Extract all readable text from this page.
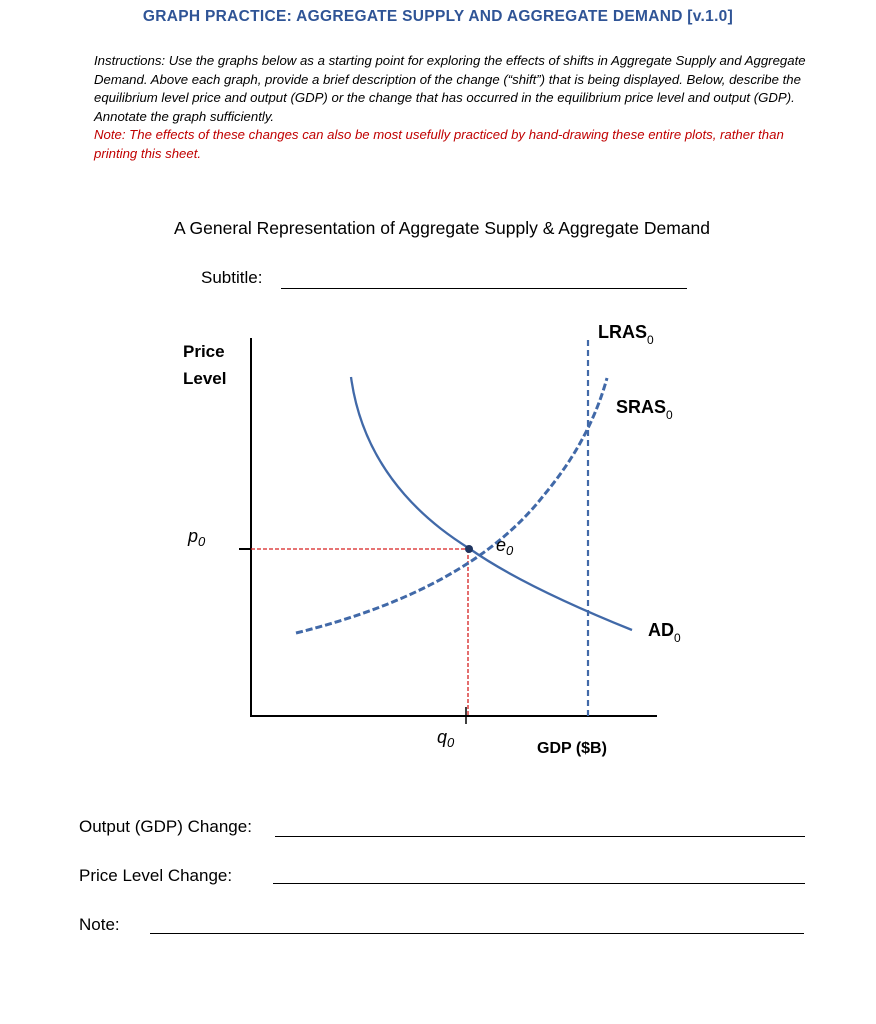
GRAPH PRACTICE: AGGREGATE SUPPLY AND AGGREGATE DEMAND [v.1.0]
Instructions: Use the graphs below as a starting point for exploring the effects of shifts in Aggregate Supply and Aggregate Demand. Above each graph, provide a brief description of the change (“shift”) that is being displayed. Below, describe the equilibrium level price and output (GDP) or the change that has occurred in the equilibrium price level and output (GDP). Annotate the graph sufficiently.
Note: The effects of these changes can also be most usefully practiced by hand-drawing these entire plots, rather than printing this sheet.
A General Representation of Aggregate Supply & Aggregate Demand
Subtitle:
Price
Level
GDP ($B)
$p_0$
$q_0$
$e_0$
$LRAS_0$
$SRAS_0$
$AD_0$
Output (GDP) Change:
Price Level Change:
Note:
